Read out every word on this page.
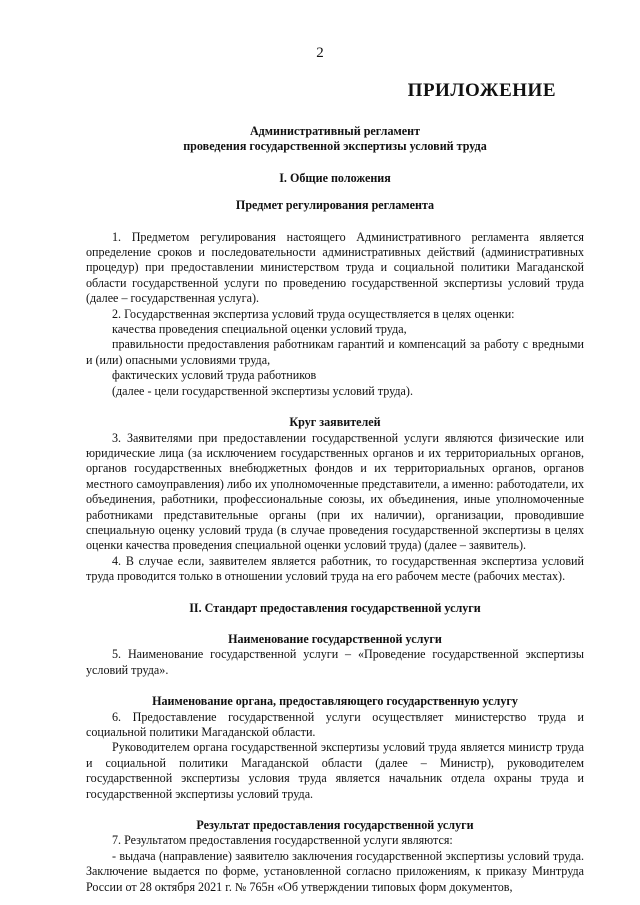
2
ПРИЛОЖЕНИЕ
Административный регламент
проведения государственной экспертизы условий труда
I. Общие положения
Предмет регулирования регламента

1. Предметом регулирования настоящего Административного регламента является определение сроков и последовательности административных действий (административных процедур) при предоставлении министерством труда и социальной политики Магаданской области государственной услуги по проведению государственной экспертизы условий труда (далее – государственная услуга).

2. Государственная экспертиза условий труда осуществляется в целях оценки:

качества проведения специальной оценки условий труда,

правильности предоставления работникам гарантий и компенсаций за работу с вредными и (или) опасными условиями труда,

фактических условий труда работников

(далее - цели государственной экспертизы условий труда).

Круг заявителей

3. Заявителями при предоставлении государственной услуги являются физические или юридические лица (за исключением государственных органов и их территориальных органов, органов государственных внебюджетных фондов и их территориальных органов, органов местного самоуправления) либо их уполномоченные представители, а именно: работодатели, их объединения, работники, профессиональные союзы, их объединения, иные уполномоченные работниками представительные органы (при их наличии), организации, проводившие специальную оценку условий труда (в случае проведения государственной экспертизы в целях оценки качества проведения специальной оценки условий труда) (далее – заявитель).

4. В случае если, заявителем является работник, то государственная экспертиза условий труда проводится только в отношении условий труда на его рабочем месте (рабочих местах).

II. Стандарт предоставления государственной услуги
Наименование государственной услуги

5. Наименование государственной услуги – «Проведение государственной экспертизы условий труда».

Наименование органа, предоставляющего государственную услугу

6. Предоставление государственной услуги осуществляет министерство труда и социальной политики Магаданской области.

Руководителем органа государственной экспертизы условий труда является министр труда и социальной политики Магаданской области (далее – Министр), руководителем государственной экспертизы условия труда является начальник отдела охраны труда и государственной экспертизы условий труда.

Результат предоставления государственной услуги

7. Результатом предоставления государственной услуги являются:

- выдача (направление) заявителю заключения государственной экспертизы условий труда. Заключение выдается по форме, установленной согласно приложениям, к приказу Минтруда России от 28 октября 2021 г. № 765н «Об утверждении типовых форм документов,
